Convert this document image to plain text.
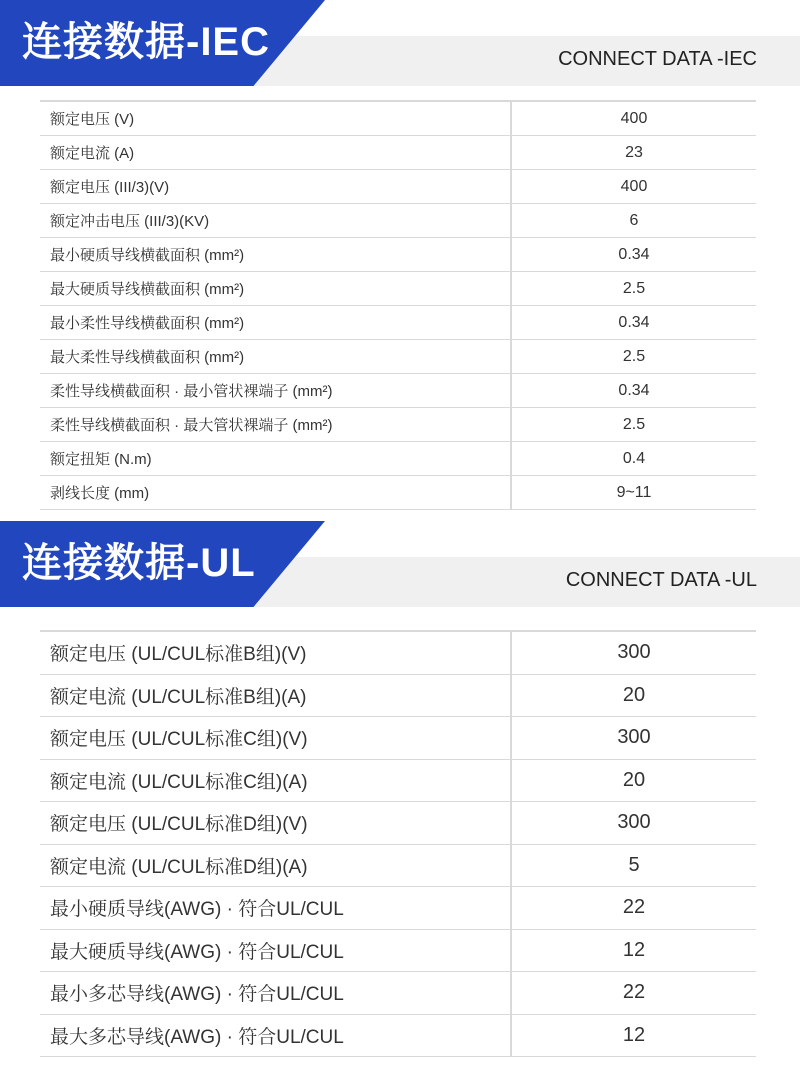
连接数据-IEC	CONNECT DATA -IEC
额定电压 (V)	400
额定电流 (A)	23
额定电压 (III/3)(V)	400
额定冲击电压 (III/3)(KV)	6
最小硬质导线横截面积 (mm²)	0.34
最大硬质导线横截面积 (mm²)	2.5
最小柔性导线横截面积 (mm²)	0.34
最大柔性导线横截面积 (mm²)	2.5
柔性导线横截面积 · 最小管状裸端子 (mm²)	0.34
柔性导线横截面积 · 最大管状裸端子 (mm²)	2.5
额定扭矩 (N.m)	0.4
剥线长度 (mm)	9~11
连接数据-UL	CONNECT DATA -UL
额定电压 (UL/CUL标准B组)(V)	300
额定电流 (UL/CUL标准B组)(A)	20
额定电压 (UL/CUL标准C组)(V)	300
额定电流 (UL/CUL标准C组)(A)	20
额定电压 (UL/CUL标准D组)(V)	300
额定电流 (UL/CUL标准D组)(A)	5
最小硬质导线(AWG) · 符合UL/CUL	22
最大硬质导线(AWG) · 符合UL/CUL	12
最小多芯导线(AWG) · 符合UL/CUL	22
最大多芯导线(AWG) · 符合UL/CUL	12
